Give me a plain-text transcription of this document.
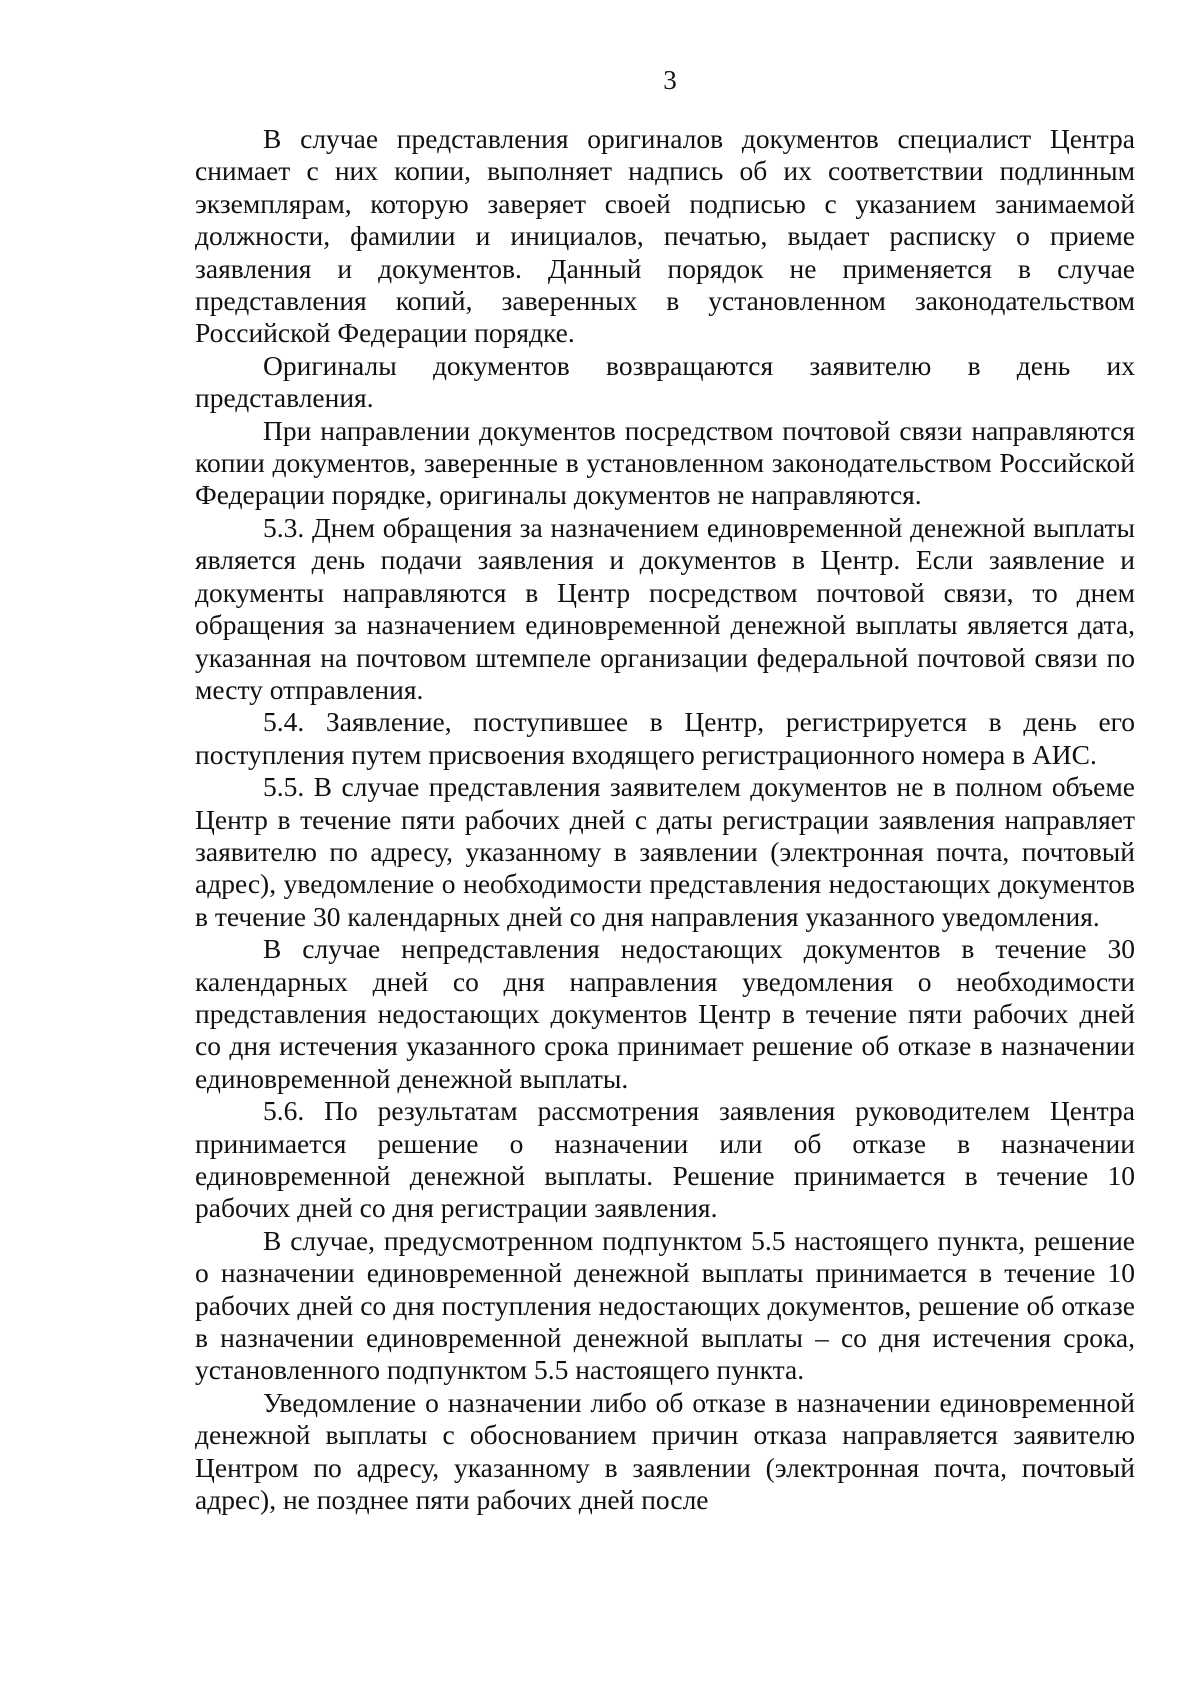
3

В случае представления оригиналов документов специалист Центра снимает с них копии, выполняет надпись об их соответствии подлинным экземплярам, которую заверяет своей подписью с указанием занимаемой должности, фамилии и инициалов, печатью, выдает расписку о приеме заявления и документов. Данный порядок не применяется в случае представления копий, заверенных в установленном законодательством Российской Федерации порядке.

Оригиналы документов возвращаются заявителю в день их представления.

При направлении документов посредством почтовой связи направляются копии документов, заверенные в установленном законодательством Российской Федерации порядке, оригиналы документов не направляются.

5.3. Днем обращения за назначением единовременной денежной выплаты является день подачи заявления и документов в Центр. Если заявление и документы направляются в Центр посредством почтовой связи, то днем обращения за назначением единовременной денежной выплаты является дата, указанная на почтовом штемпеле организации федеральной почтовой связи по месту отправления.

5.4. Заявление, поступившее в Центр, регистрируется в день его поступления путем присвоения входящего регистрационного номера в АИС.

5.5. В случае представления заявителем документов не в полном объеме Центр в течение пяти рабочих дней с даты регистрации заявления направляет заявителю по адресу, указанному в заявлении (электронная почта, почтовый адрес), уведомление о необходимости представления недостающих документов в течение 30 календарных дней со дня направления указанного уведомления.

В случае непредставления недостающих документов в течение 30 календарных дней со дня направления уведомления о необходимости представления недостающих документов Центр в течение пяти рабочих дней со дня истечения указанного срока принимает решение об отказе в назначении единовременной денежной выплаты.

5.6. По результатам рассмотрения заявления руководителем Центра принимается решение о назначении или об отказе в назначении единовременной денежной выплаты. Решение принимается в течение 10 рабочих дней со дня регистрации заявления.

В случае, предусмотренном подпунктом 5.5 настоящего пункта, решение о назначении единовременной денежной выплаты принимается в течение 10 рабочих дней со дня поступления недостающих документов, решение об отказе в назначении единовременной денежной выплаты – со дня истечения срока, установленного подпунктом 5.5 настоящего пункта.

Уведомление о назначении либо об отказе в назначении единовременной денежной выплаты с обоснованием причин отказа направляется заявителю Центром по адресу, указанному в заявлении (электронная почта, почтовый адрес), не позднее пяти рабочих дней после
